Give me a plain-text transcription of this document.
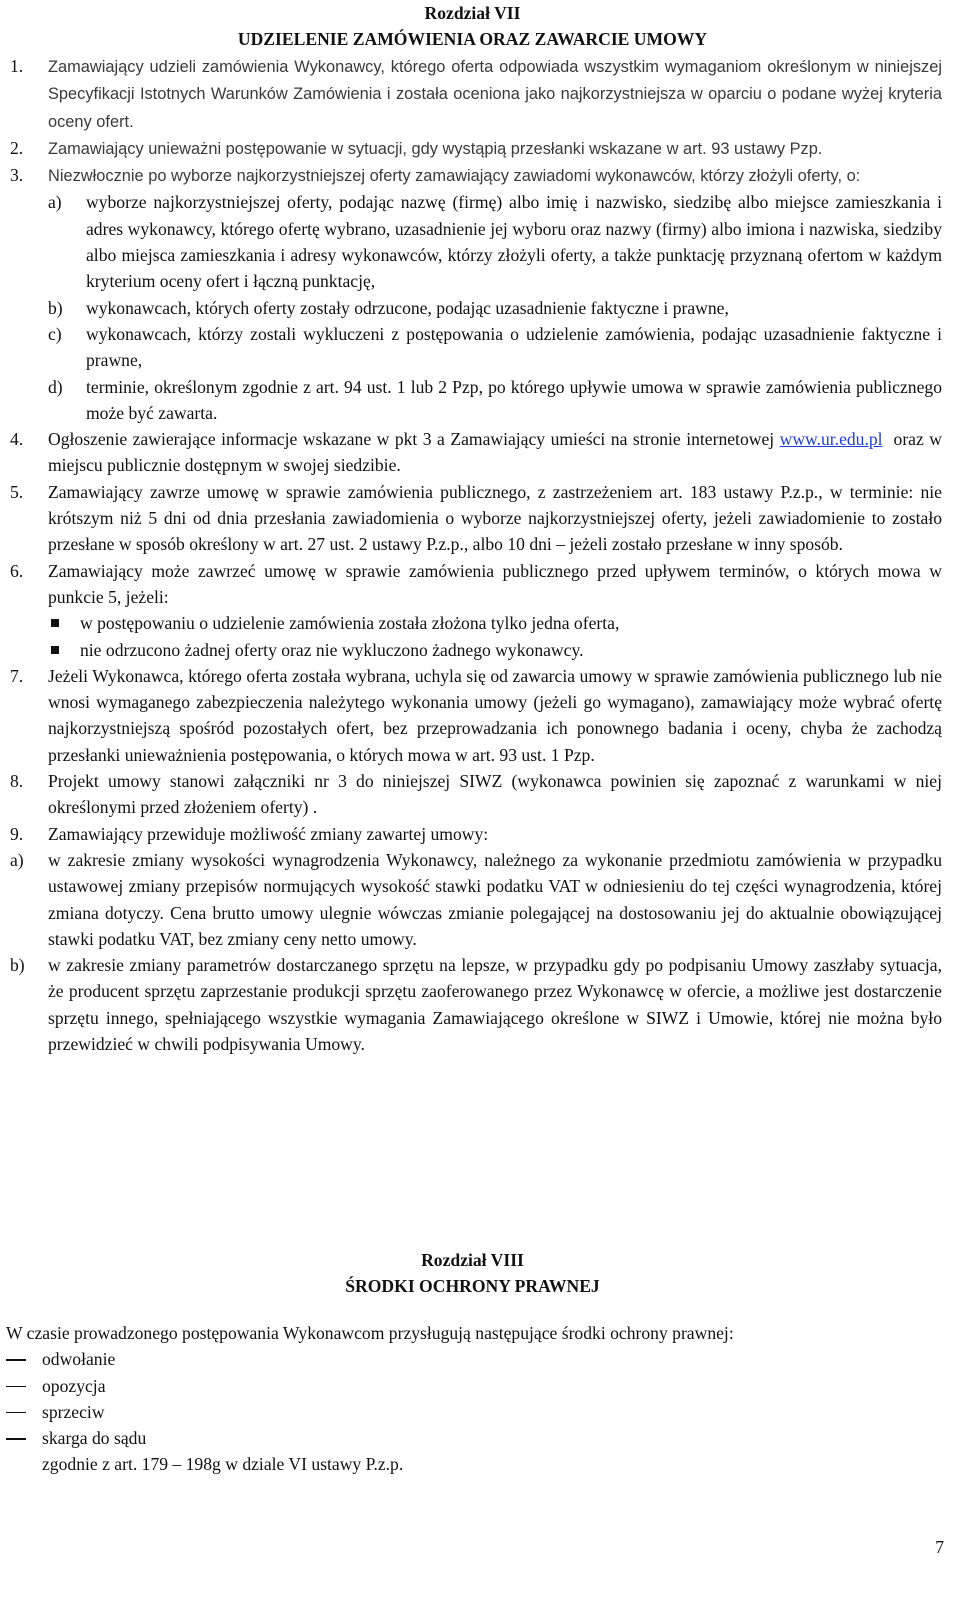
Rozdział VII
UDZIELENIE ZAMÓWIENIA ORAZ ZAWARCIE UMOWY
1. Zamawiający udzieli zamówienia Wykonawcy, którego oferta odpowiada wszystkim wymaganiom określonym w niniejszej Specyfikacji Istotnych Warunków Zamówienia i została oceniona jako najkorzystniejsza w oparciu o podane wyżej kryteria oceny ofert.
2. Zamawiający unieważni postępowanie w sytuacji, gdy wystąpią przesłanki wskazane w art. 93 ustawy Pzp.
3. Niezwłocznie po wyborze najkorzystniejszej oferty zamawiający zawiadomi wykonawców, którzy złożyli oferty, o:
a) wyborze najkorzystniejszej oferty, podając nazwę (firmę) albo imię i nazwisko, siedzibę albo miejsce zamieszkania i adres wykonawcy, którego ofertę wybrano, uzasadnienie jej wyboru oraz nazwy (firmy) albo imiona i nazwiska, siedziby albo miejsca zamieszkania i adresy wykonawców, którzy złożyli oferty, a także punktację przyznaną ofertom w każdym kryterium oceny ofert i łączną punktację,
b) wykonawcach, których oferty zostały odrzucone, podając uzasadnienie faktyczne i prawne,
c) wykonawcach, którzy zostali wykluczeni z postępowania o udzielenie zamówienia, podając uzasadnienie faktyczne i prawne,
d) terminie, określonym zgodnie z art. 94 ust. 1 lub 2 Pzp, po którego upływie umowa w sprawie zamówienia publicznego może być zawarta.
4. Ogłoszenie zawierające informacje wskazane w pkt 3 a Zamawiający umieści na stronie internetowej www.ur.edu.pl  oraz w miejscu publicznie dostępnym w swojej siedzibie.
5. Zamawiający zawrze umowę w sprawie zamówienia publicznego, z zastrzeżeniem art. 183 ustawy P.z.p., w terminie: nie krótszym niż 5 dni od dnia przesłania zawiadomienia o wyborze najkorzystniejszej oferty, jeżeli zawiadomienie to zostało przesłane w sposób określony w art. 27 ust. 2 ustawy P.z.p., albo 10 dni – jeżeli zostało przesłane w inny sposób.
6. Zamawiający może zawrzeć umowę w sprawie zamówienia publicznego przed upływem terminów, o których mowa w punkcie 5, jeżeli:
w postępowaniu o udzielenie zamówienia została złożona tylko jedna oferta,
nie odrzucono żadnej oferty oraz nie wykluczono żadnego wykonawcy.
7. Jeżeli Wykonawca, którego oferta została wybrana, uchyla się od zawarcia umowy w sprawie zamówienia publicznego lub nie wnosi wymaganego zabezpieczenia należytego wykonania umowy (jeżeli go wymagano), zamawiający może wybrać ofertę najkorzystniejszą spośród pozostałych ofert, bez przeprowadzania ich ponownego badania i oceny, chyba że zachodzą przesłanki unieważnienia postępowania, o których mowa w art. 93 ust. 1 Pzp.
8. Projekt umowy stanowi załączniki nr 3 do niniejszej SIWZ (wykonawca powinien się zapoznać z warunkami w niej określonymi przed złożeniem oferty) .
9. Zamawiający przewiduje możliwość zmiany zawartej umowy:
a)	w zakresie zmiany wysokości wynagrodzenia Wykonawcy, należnego za wykonanie przedmiotu zamówienia w przypadku ustawowej zmiany przepisów normujących wysokość stawki podatku VAT w odniesieniu do tej części wynagrodzenia, której zmiana dotyczy. Cena brutto umowy ulegnie wówczas zmianie polegającej na dostosowaniu jej do aktualnie obowiązującej stawki podatku VAT, bez zmiany ceny netto umowy.
b)	w zakresie zmiany parametrów dostarczanego sprzętu na lepsze, w przypadku gdy po podpisaniu Umowy zaszłaby sytuacja, że producent sprzętu zaprzestanie produkcji sprzętu zaoferowanego przez Wykonawcę w ofercie, a możliwe jest dostarczenie sprzętu innego, spełniającego wszystkie wymagania Zamawiającego określone w SIWZ i Umowie, której nie można było przewidzieć w chwili podpisywania Umowy.
Rozdział VIII
ŚRODKI OCHRONY PRAWNEJ
W czasie prowadzonego postępowania Wykonawcom przysługują następujące środki ochrony prawnej:
odwołanie
opozycja
sprzeciw
skarga do sądu
zgodnie z art. 179 – 198g w dziale VI ustawy P.z.p.
7
